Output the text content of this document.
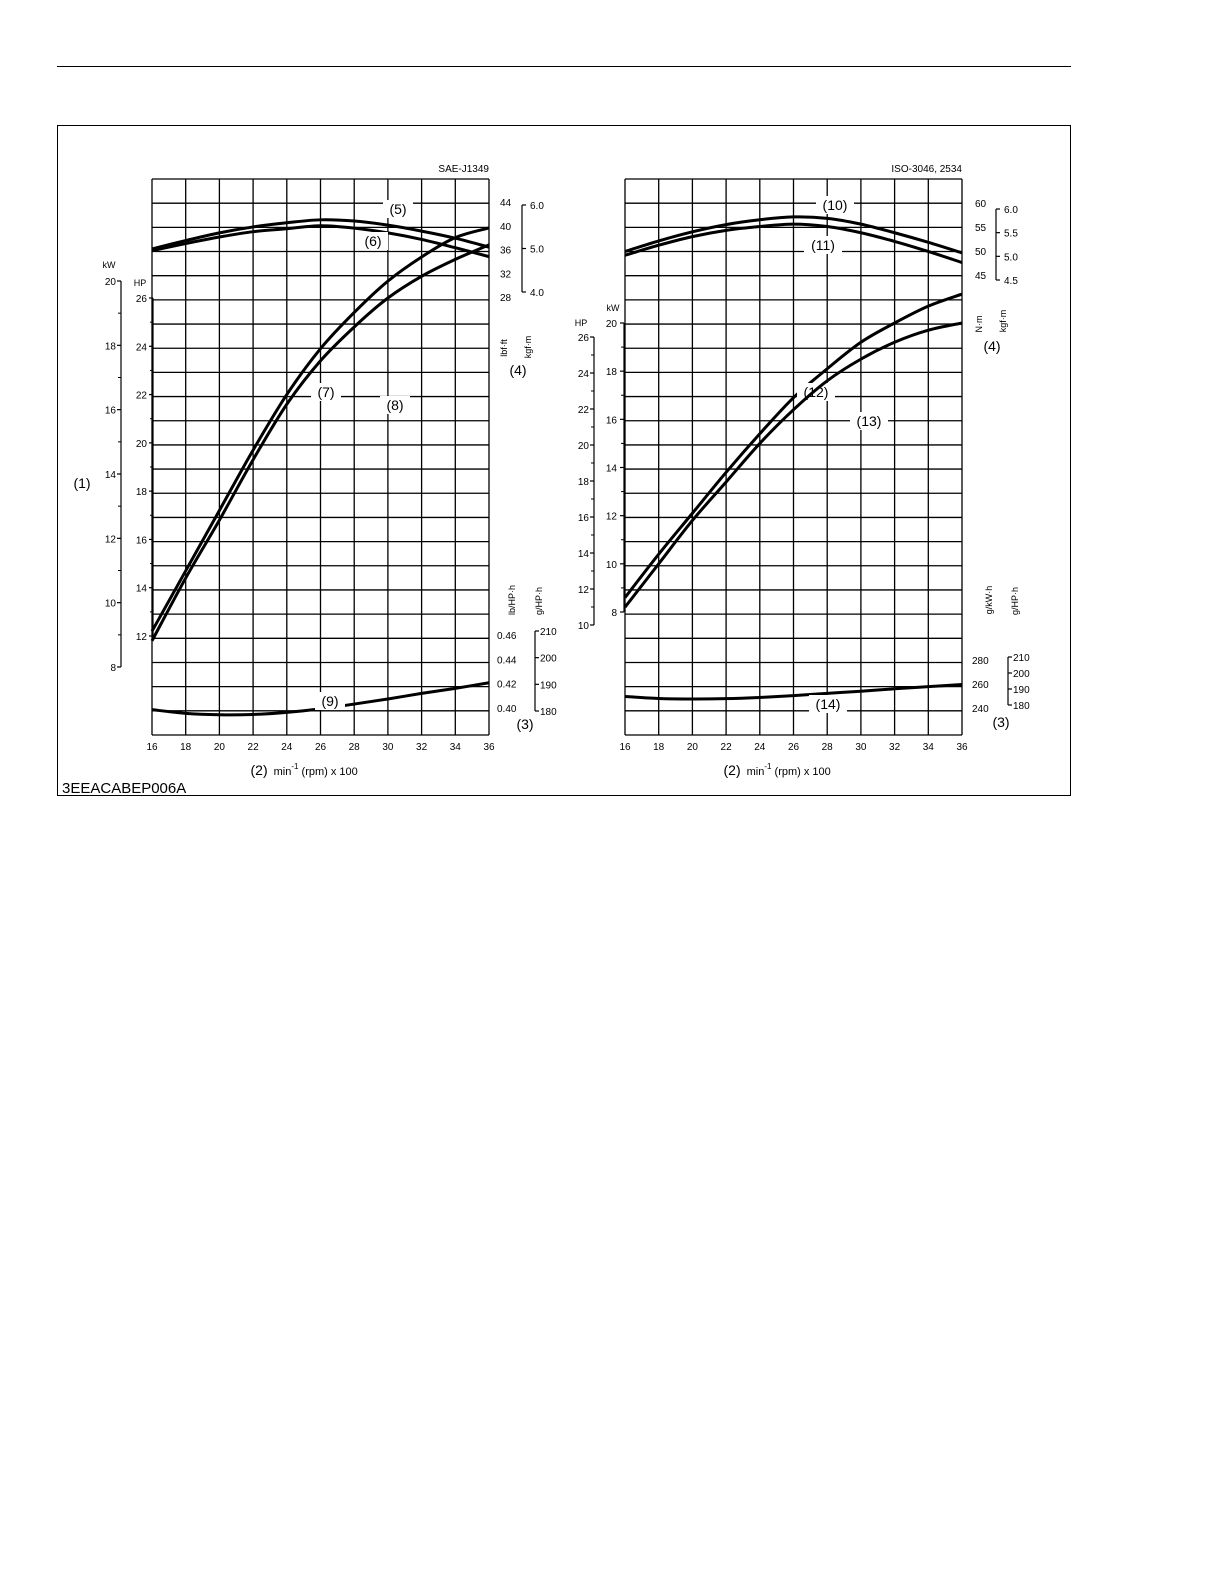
3EEACABEP006A
SAE-J1349
16 18 20 22 24 26 28 30 32 34 36
(2) $\min^{-1} _{(rpm) x 100}$
8
10
12
14
16
18
20
kW
(1)
12
14
16
18
20
22
24
26
HP
28
32
36
40
44
lbf·ft
(4)
4.0
5.0
6.0
kgf·m
0.40
0.42
0.44
0.46
lb/HP·h
(3)
180
190
200
210
g/HP·h
(5)
(6)
(7)
(8)
(9)
ISO-3046, 2534
16 18 20 22 24 26 28 30 32 34 36
(2) $\min^{-1} _{(rpm) x 100}$
10
12
14
16
18
20
22
24
26
HP
8
10
12
14
16
18
20
kW
45
50
55
60
N·m
(4)
4.5
5.0
5.5
6.0
kgf·m
240
260
280
g/kW·h
(3)
180
190
200
210
g/HP·h
(10)
(11)
(12)
(13)
(14)
